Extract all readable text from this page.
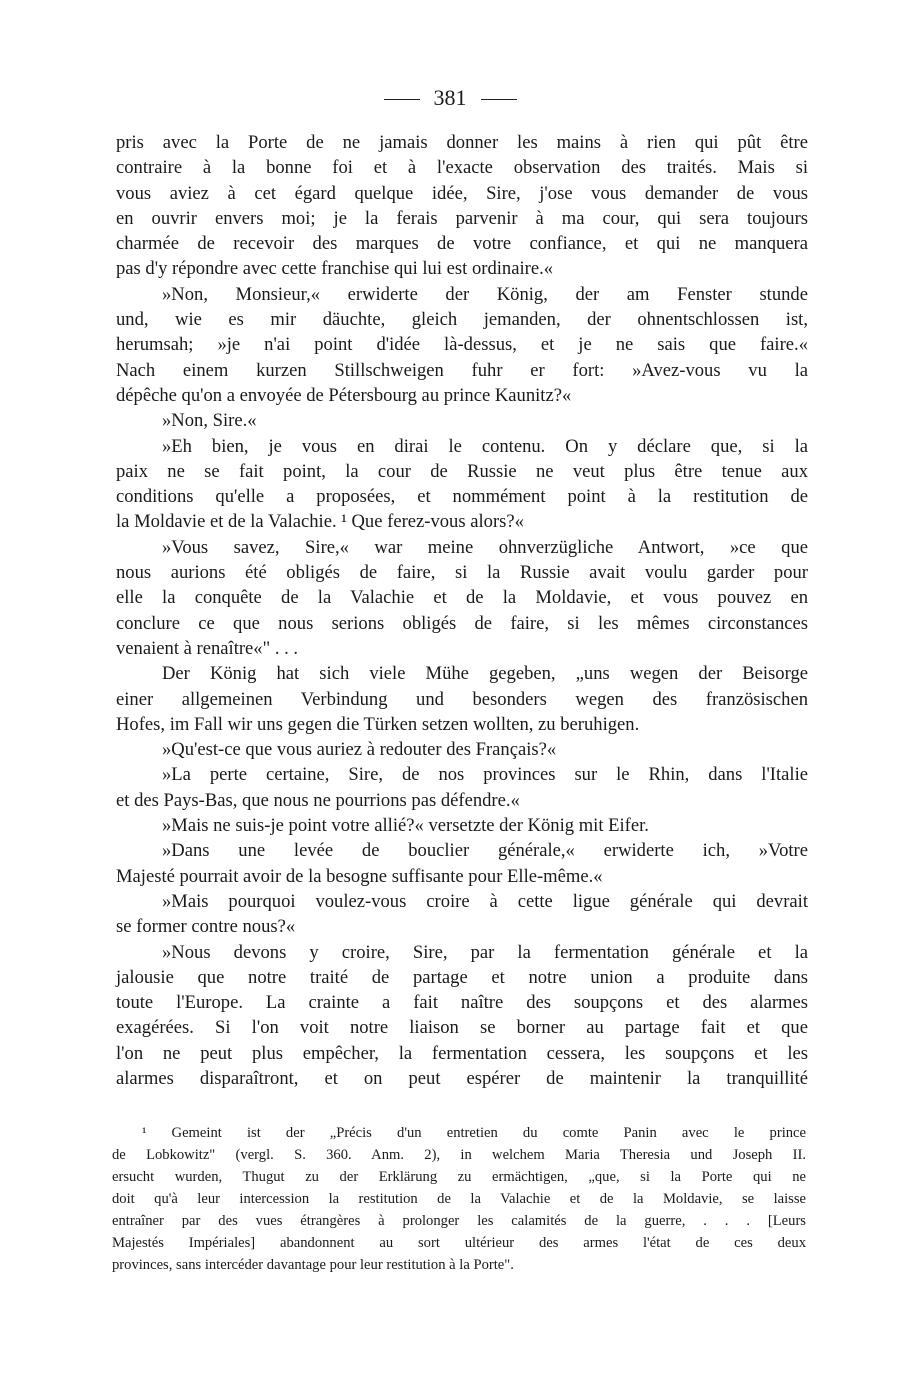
381
pris avec la Porte de ne jamais donner les mains à rien qui pût être
contraire à la bonne foi et à l'exacte observation des traités. Mais si
vous aviez à cet égard quelque idée, Sire, j'ose vous demander de vous
en ouvrir envers moi; je la ferais parvenir à ma cour, qui sera toujours
charmée de recevoir des marques de votre confiance, et qui ne manquera
pas d'y répondre avec cette franchise qui lui est ordinaire.«
»Non, Monsieur,« erwiderte der König, der am Fenster stunde
und, wie es mir däuchte, gleich jemanden, der ohnentschlossen ist,
herumsah; »je n'ai point d'idée là-dessus, et je ne sais que faire.«
Nach einem kurzen Stillschweigen fuhr er fort: »Avez-vous vu la
dépêche qu'on a envoyée de Pétersbourg au prince Kaunitz?«
»Non, Sire.«
»Eh bien, je vous en dirai le contenu. On y déclare que, si la
paix ne se fait point, la cour de Russie ne veut plus être tenue aux
conditions qu'elle a proposées, et nommément point à la restitution de
la Moldavie et de la Valachie. ¹ Que ferez-vous alors?«
»Vous savez, Sire,« war meine ohnverzügliche Antwort, »ce que
nous aurions été obligés de faire, si la Russie avait voulu garder pour
elle la conquête de la Valachie et de la Moldavie, et vous pouvez en
conclure ce que nous serions obligés de faire, si les mêmes circonstances
venaient à renaître«" . . .
Der König hat sich viele Mühe gegeben, „uns wegen der Beisorge
einer allgemeinen Verbindung und besonders wegen des französischen
Hofes, im Fall wir uns gegen die Türken setzen wollten, zu beruhigen.
»Qu'est-ce que vous auriez à redouter des Français?«
»La perte certaine, Sire, de nos provinces sur le Rhin, dans l'Italie
et des Pays-Bas, que nous ne pourrions pas défendre.«
»Mais ne suis-je point votre allié?« versetzte der König mit Eifer.
»Dans une levée de bouclier générale,« erwiderte ich, »Votre
Majesté pourrait avoir de la besogne suffisante pour Elle-même.«
»Mais pourquoi voulez-vous croire à cette ligue générale qui devrait
se former contre nous?«
»Nous devons y croire, Sire, par la fermentation générale et la
jalousie que notre traité de partage et notre union a produite dans
toute l'Europe. La crainte a fait naître des soupçons et des alarmes
exagérées. Si l'on voit notre liaison se borner au partage fait et que
l'on ne peut plus empêcher, la fermentation cessera, les soupçons et les
alarmes disparaîtront, et on peut espérer de maintenir la tranquillité
¹ Gemeint ist der „Précis d'un entretien du comte Panin avec le prince
de Lobkowitz" (vergl. S. 360. Anm. 2), in welchem Maria Theresia und Joseph II.
ersucht wurden, Thugut zu der Erklärung zu ermächtigen, „que, si la Porte qui ne
doit qu'à leur intercession la restitution de la Valachie et de la Moldavie, se laisse
entraîner par des vues étrangères à prolonger les calamités de la guerre, . . . [Leurs
Majestés Impériales] abandonnent au sort ultérieur des armes l'état de ces deux
provinces, sans intercéder davantage pour leur restitution à la Porte".
